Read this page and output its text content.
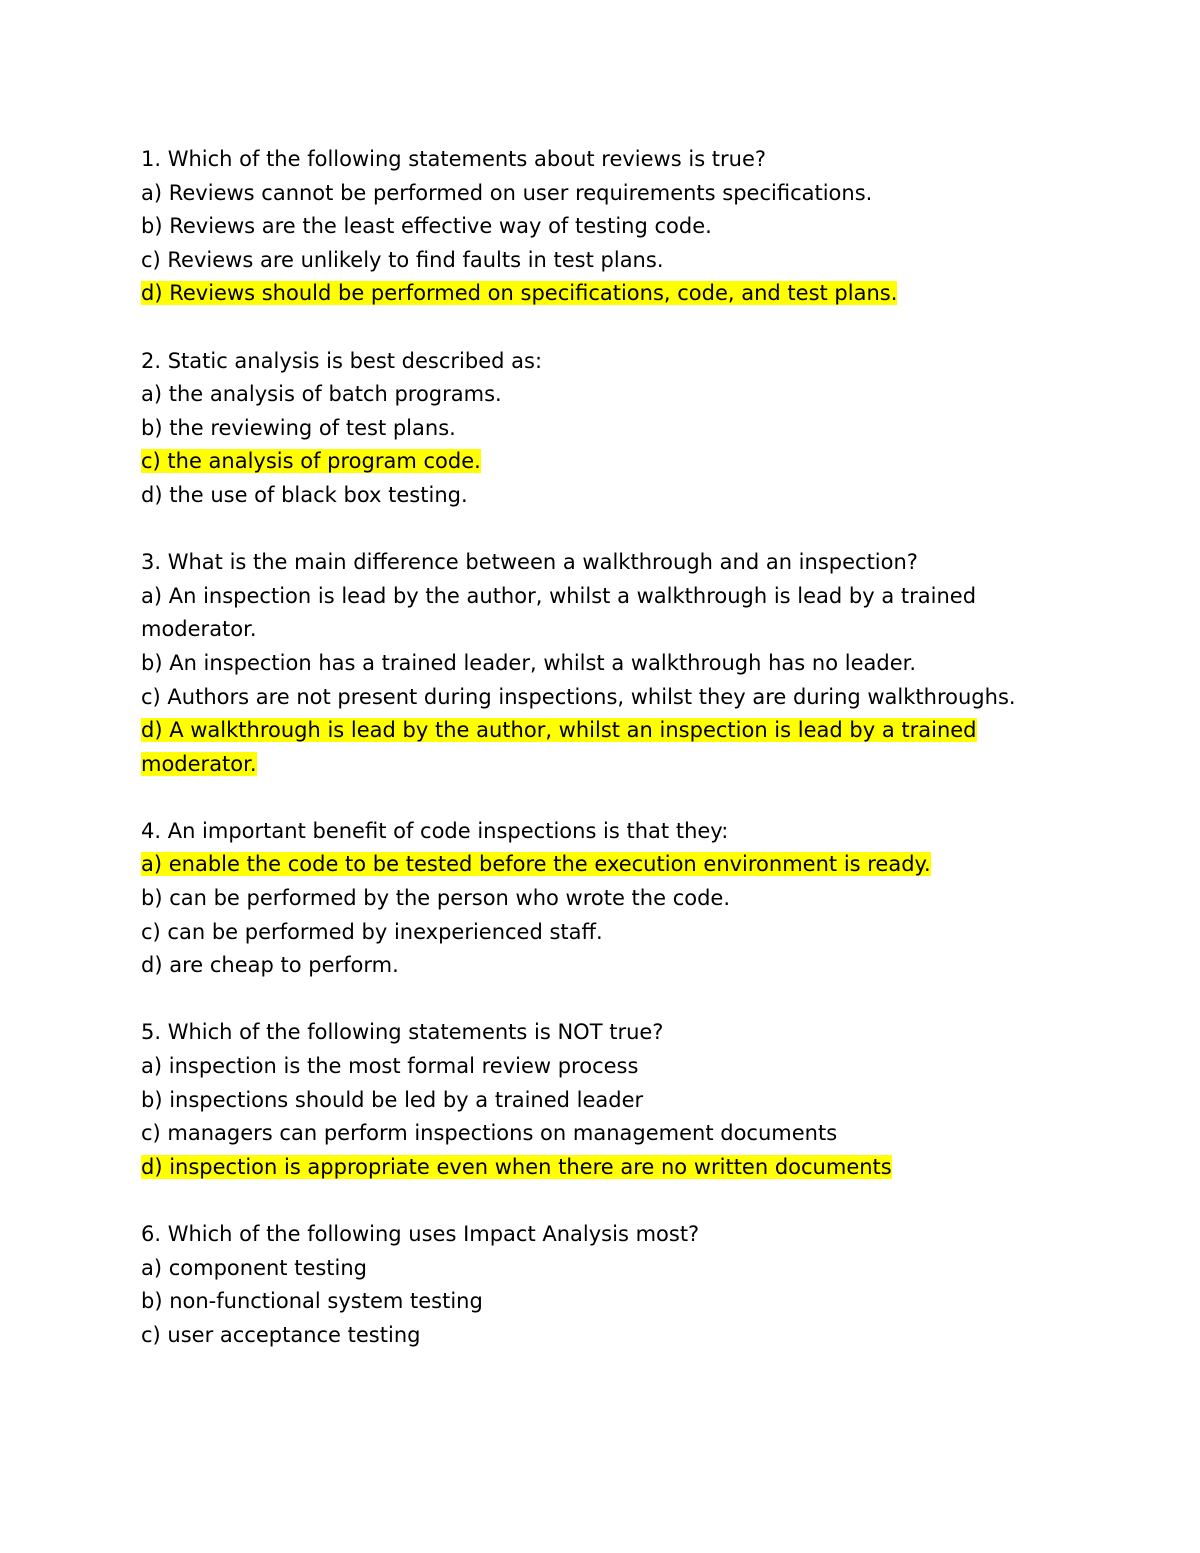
1. Which of the following statements about reviews is true?
a) Reviews cannot be performed on user requirements specifications.
b) Reviews are the least effective way of testing code.
c) Reviews are unlikely to find faults in test plans.
d) Reviews should be performed on specifications, code, and test plans.
2. Static analysis is best described as:
a) the analysis of batch programs.
b) the reviewing of test plans.
c) the analysis of program code.
d) the use of black box testing.
3. What is the main difference between a walkthrough and an inspection?
a) An inspection is lead by the author, whilst a walkthrough is lead by a trained moderator.
b) An inspection has a trained leader, whilst a walkthrough has no leader.
c) Authors are not present during inspections, whilst they are during walkthroughs.
d) A walkthrough is lead by the author, whilst an inspection is lead by a trained moderator.
4. An important benefit of code inspections is that they:
a) enable the code to be tested before the execution environment is ready.
b) can be performed by the person who wrote the code.
c) can be performed by inexperienced staff.
d) are cheap to perform.
5. Which of the following statements is NOT true?
a) inspection is the most formal review process
b) inspections should be led by a trained leader
c) managers can perform inspections on management documents
d) inspection is appropriate even when there are no written documents
6. Which of the following uses Impact Analysis most?
a) component testing
b) non-functional system testing
c) user acceptance testing
